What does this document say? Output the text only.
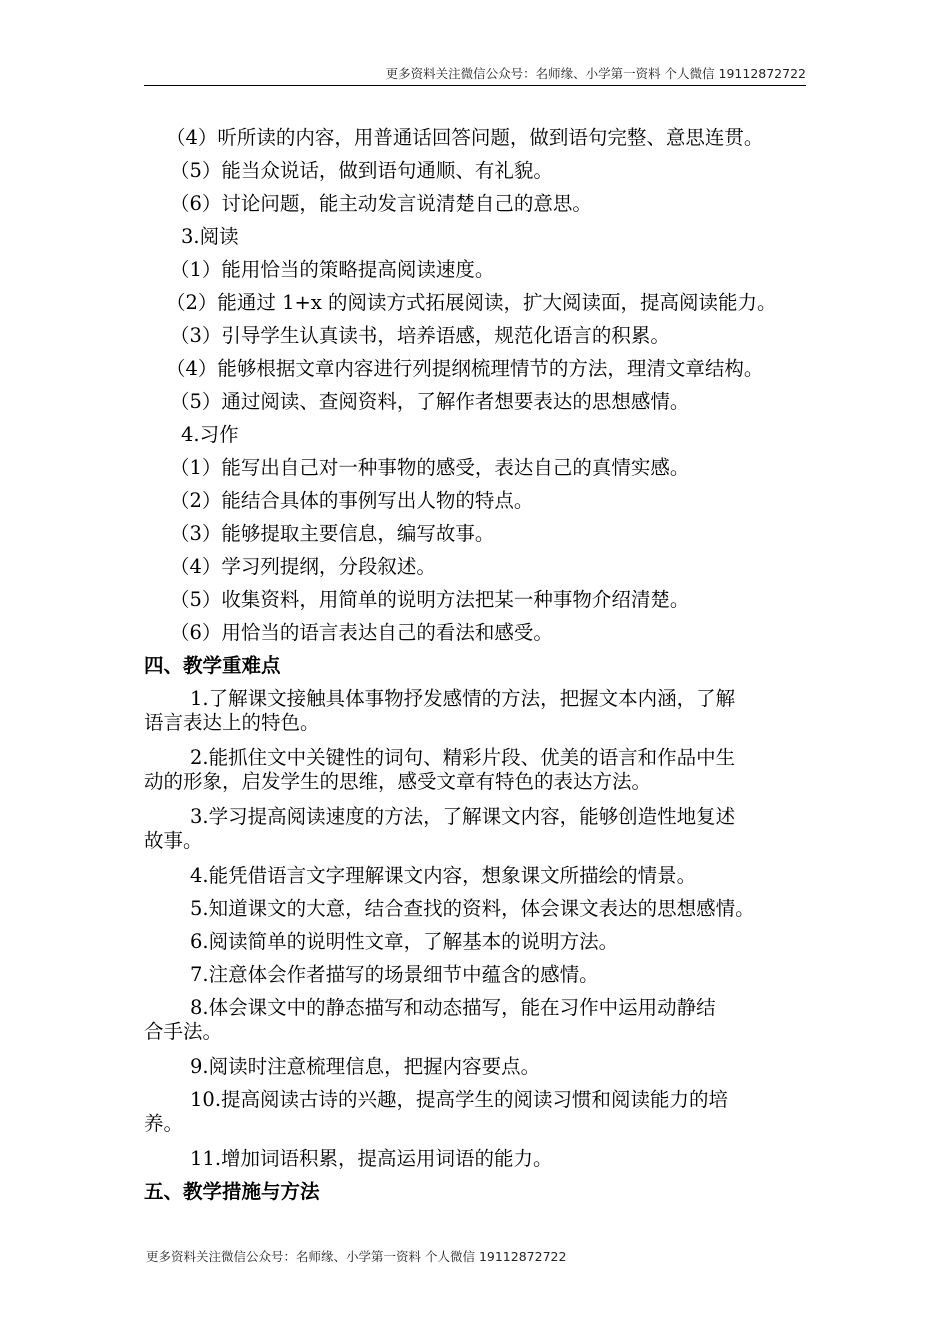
更多资料关注微信公众号：名师缘、小学第一资料 个人微信 19112872722
（4）听所读的内容，用普通话回答问题，做到语句完整、意思连贯。
（5）能当众说话，做到语句通顺、有礼貌。
（6）讨论问题，能主动发言说清楚自己的意思。
3.阅读
（1）能用恰当的策略提高阅读速度。
（2）能通过 1+x 的阅读方式拓展阅读，扩大阅读面，提高阅读能力。
（3）引导学生认真读书，培养语感，规范化语言的积累。
（4）能够根据文章内容进行列提纲梳理情节的方法，理清文章结构。
（5）通过阅读、查阅资料，了解作者想要表达的思想感情。
4.习作
（1）能写出自己对一种事物的感受，表达自己的真情实感。
（2）能结合具体的事例写出人物的特点。
（3）能够提取主要信息，编写故事。
（4）学习列提纲，分段叙述。
（5）收集资料，用简单的说明方法把某一种事物介绍清楚。
（6）用恰当的语言表达自己的看法和感受。
四、教学重难点
1.了解课文接触具体事物抒发感情的方法，把握文本内涵，了解
语言表达上的特色。
2.能抓住文中关键性的词句、精彩片段、优美的语言和作品中生
动的形象，启发学生的思维，感受文章有特色的表达方法。
3.学习提高阅读速度的方法，了解课文内容，能够创造性地复述
故事。
4.能凭借语言文字理解课文内容，想象课文所描绘的情景。
5.知道课文的大意，结合查找的资料，体会课文表达的思想感情。
6.阅读简单的说明性文章，了解基本的说明方法。
7.注意体会作者描写的场景细节中蕴含的感情。
8.体会课文中的静态描写和动态描写，能在习作中运用动静结
合手法。
9.阅读时注意梳理信息，把握内容要点。
10.提高阅读古诗的兴趣，提高学生的阅读习惯和阅读能力的培
养。
11.增加词语积累，提高运用词语的能力。
五、教学措施与方法
更多资料关注微信公众号：名师缘、小学第一资料 个人微信 19112872722
